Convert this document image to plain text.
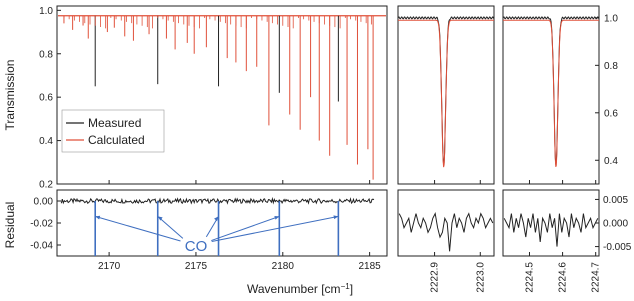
0.2
0.4
0.6
0.8
1.0
Transmission	Measured
Calculated
0.00
-0.02
-0.04
2170	2175	2180	2185
CO
Residual
Wavenumber $[cm^{-1}]$	2222.9	2223.0	2224.5 2224.6 2224.7
0.4
0.6
0.8
1.0
0.005
0.000
-0.005
